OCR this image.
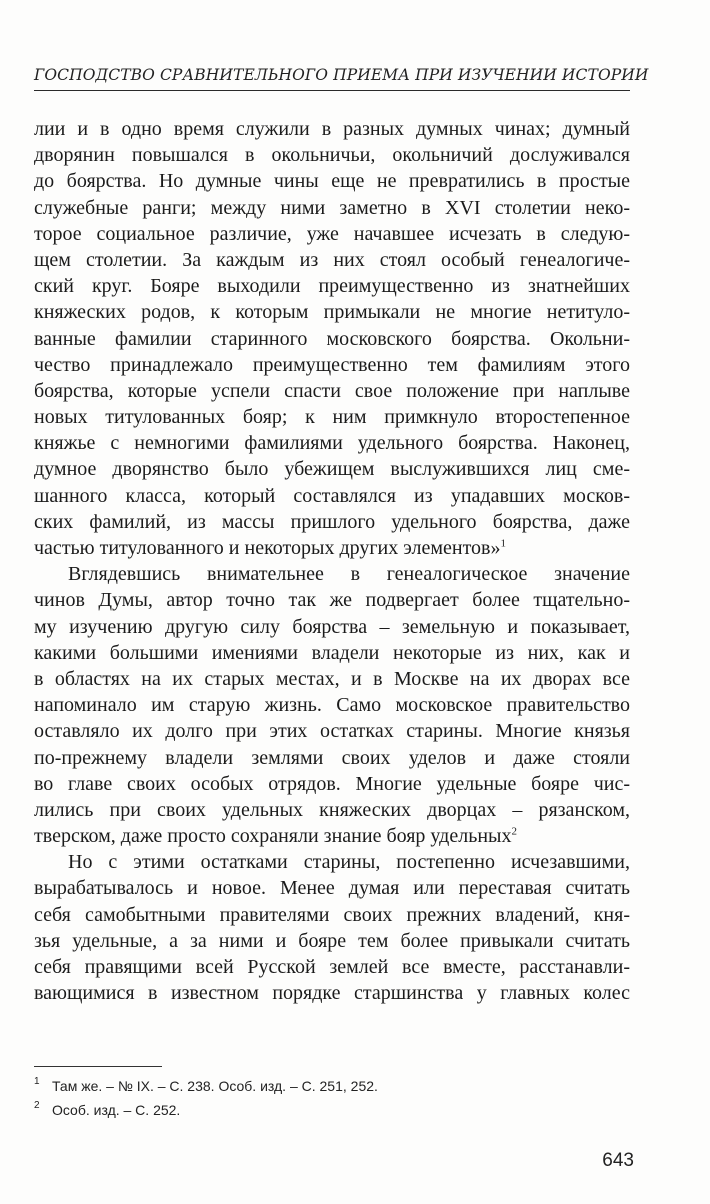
ГОСПОДСТВО СРАВНИТЕЛЬНОГО ПРИЕМА ПРИ ИЗУЧЕНИИ ИСТОРИИ
лии и в одно время служили в разных думных чинах; думный
дворянин повышался в окольничьи, окольничий дослуживался
до боярства. Но думные чины еще не превратились в простые
служебные ранги; между ними заметно в XVI столетии неко-
торое социальное различие, уже начавшее исчезать в следую-
щем столетии. За каждым из них стоял особый генеалогиче-
ский круг. Бояре выходили преимущественно из знатнейших
княжеских родов, к которым примыкали не многие нетитуло-
ванные фамилии старинного московского боярства. Окольни-
чество принадлежало преимущественно тем фамилиям этого
боярства, которые успели спасти свое положение при наплыве
новых титулованных бояр; к ним примкнуло второстепенное
княжье с немногими фамилиями удельного боярства. Наконец,
думное дворянство было убежищем выслужившихся лиц сме-
шанного класса, который составлялся из упадавших москов-
ских фамилий, из массы пришлого удельного боярства, даже
частью титулованного и некоторых других элементов»$^1$
Вглядевшись внимательнее в генеалогическое значение
чинов Думы, автор точно так же подвергает более тщательно-
му изучению другую силу боярства – земельную и показывает,
какими большими имениями владели некоторые из них, как и
в областях на их старых местах, и в Москве на их дворах все
напоминало им старую жизнь. Само московское правительство
оставляло их долго при этих остатках старины. Многие князья
по-прежнему владели землями своих уделов и даже стояли
во главе своих особых отрядов. Многие удельные бояре чис-
лились при своих удельных княжеских дворцах – рязанском,
тверском, даже просто сохраняли знание бояр удельных$^2$
Но с этими остатками старины, постепенно исчезавшими,
вырабатывалось и новое. Менее думая или переставая считать
себя самобытными правителями своих прежних владений, кня-
зья удельные, а за ними и бояре тем более привыкали считать
себя правящими всей Русской землей все вместе, расстанавли-
вающимися в известном порядке старшинства у главных колес
1 Там же. – № IX. – С. 238. Особ. изд. – С. 251, 252.
2 Особ. изд. – С. 252.
643
